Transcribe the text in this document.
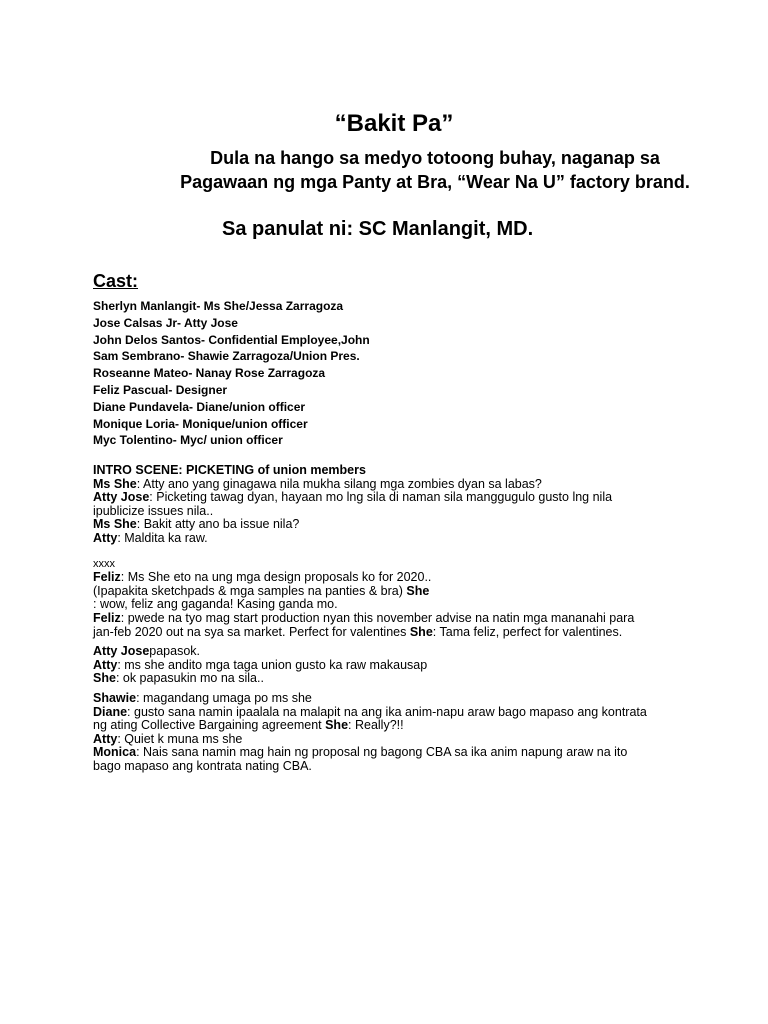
“Bakit Pa”
Dula na hango sa medyo totoong buhay, naganap sa Pagawaan ng mga Panty at Bra, “Wear Na U” factory brand.
Sa panulat ni: SC Manlangit, MD.
Cast:
Sherlyn Manlangit- Ms She/Jessa Zarragoza
Jose Calsas Jr- Atty Jose
John Delos Santos- Confidential Employee,John
Sam Sembrano- Shawie Zarragoza/Union Pres.
Roseanne Mateo- Nanay Rose Zarragoza
Feliz Pascual- Designer
Diane Pundavela- Diane/union officer
Monique Loria- Monique/union officer
Myc Tolentino- Myc/ union officer

INTRO SCENE: PICKETING of union members

Ms She: Atty ano yang ginagawa nila mukha silang mga zombies dyan sa labas?

Atty Jose: Picketing tawag dyan, hayaan mo lng sila di naman sila manggugulo gusto lng nila ipublicize issues nila..

Ms She: Bakit atty ano ba issue nila?

Atty: Maldita ka raw.

xxxx

Feliz: Ms She eto na ung mga design proposals ko for 2020..

(Ipapakita sketchpads & mga samples na panties & bra) She

: wow, feliz ang gaganda! Kasing ganda mo.

Feliz: pwede na tyo mag start production nyan this november advise na natin mga mananahi para jan-feb 2020 out na sya sa market. Perfect for valentines She: Tama feliz, perfect for valentines.

Atty Josepapasok.

Atty: ms she andito mga taga union gusto ka raw makausap

She: ok papasukin mo na sila..

Shawie: magandang umaga po ms she

Diane: gusto sana namin ipaalala na malapit na ang ika anim-napu araw bago mapaso ang kontrata ng ating Collective Bargaining agreement She: Really?!!

Atty: Quiet k muna ms she

Monica: Nais sana namin mag hain ng proposal ng bagong CBA sa ika anim napung araw na ito bago mapaso ang kontrata nating CBA.
